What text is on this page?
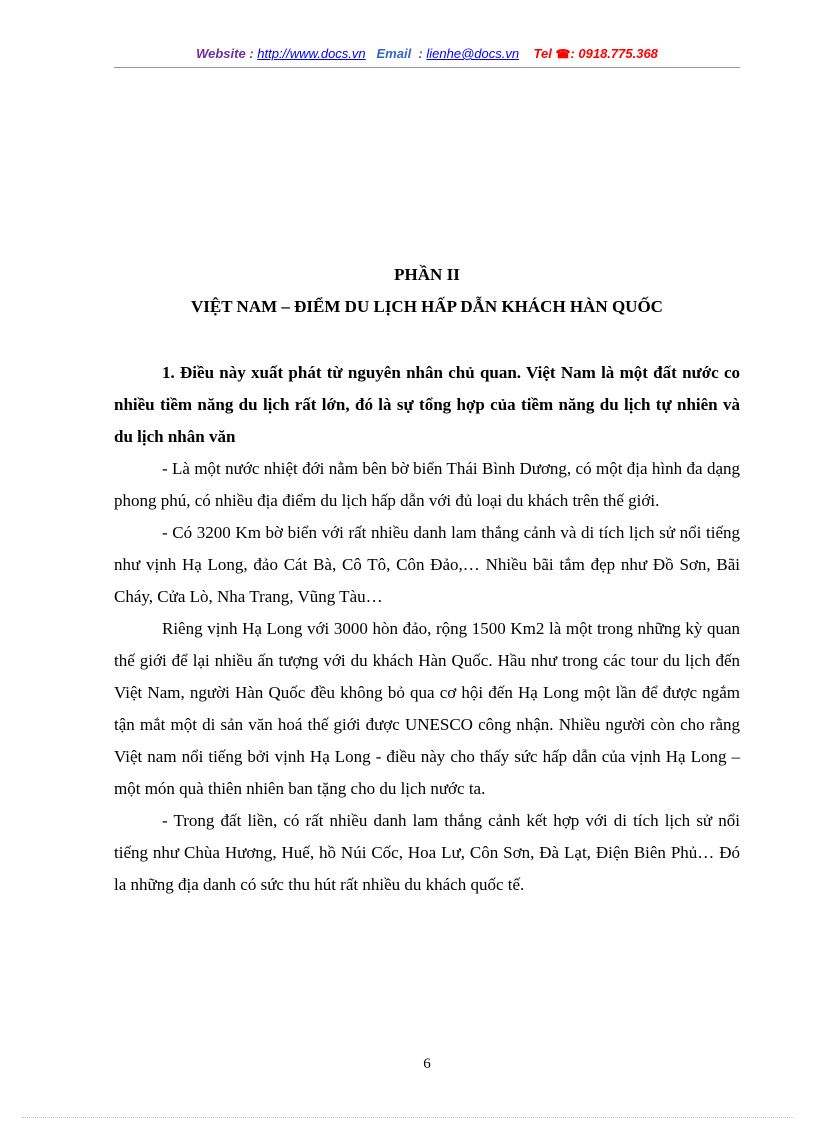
Website : http://www.docs.vn Email : lienhe@docs.vn Tel ☎: 0918.775.368
PHẦN II
VIỆT NAM – ĐIỂM DU LỊCH HẤP DẪN KHÁCH HÀN QUỐC

1. Điều này xuất phát từ nguyên nhân chủ quan. Việt Nam là một đất nước co nhiều tiềm năng du lịch rất lớn, đó là sự tổng hợp của tiềm năng du lịch tự nhiên và du lịch nhân văn

- Là một nước nhiệt đới nằm bên bờ biển Thái Bình Dương, có một địa hình đa dạng phong phú, có nhiều địa điểm du lịch hấp dẫn với đủ loại du khách trên thế giới.

- Có 3200 Km bờ biển với rất nhiều danh lam thắng cảnh và di tích lịch sử nổi tiếng như vịnh Hạ Long, đảo Cát Bà, Cô Tô, Côn Đảo,… Nhiều bãi tắm đẹp như Đồ Sơn, Bãi Cháy, Cửa Lò, Nha Trang, Vũng Tàu…

Riêng vịnh Hạ Long với 3000 hòn đảo, rộng 1500 Km2 là một trong những kỳ quan thế giới để lại nhiều ấn tượng với du khách Hàn Quốc. Hầu như trong các tour du lịch đến Việt Nam, người Hàn Quốc đều không bỏ qua cơ hội đến Hạ Long một lần để được ngắm tận mắt một di sản văn hoá thế giới được UNESCO công nhận. Nhiều người còn cho rằng Việt nam nổi tiếng bởi vịnh Hạ Long - điều này cho thấy sức hấp dẫn của vịnh Hạ Long – một món quà thiên nhiên ban tặng cho du lịch nước ta.

- Trong đất liền, có rất nhiều danh lam thắng cảnh kết hợp với di tích lịch sử nổi tiếng như Chùa Hương, Huế, hồ Núi Cốc, Hoa Lư, Côn Sơn, Đà Lạt, Điện Biên Phủ… Đó la những địa danh có sức thu hút rất nhiều du khách quốc tế.

6
